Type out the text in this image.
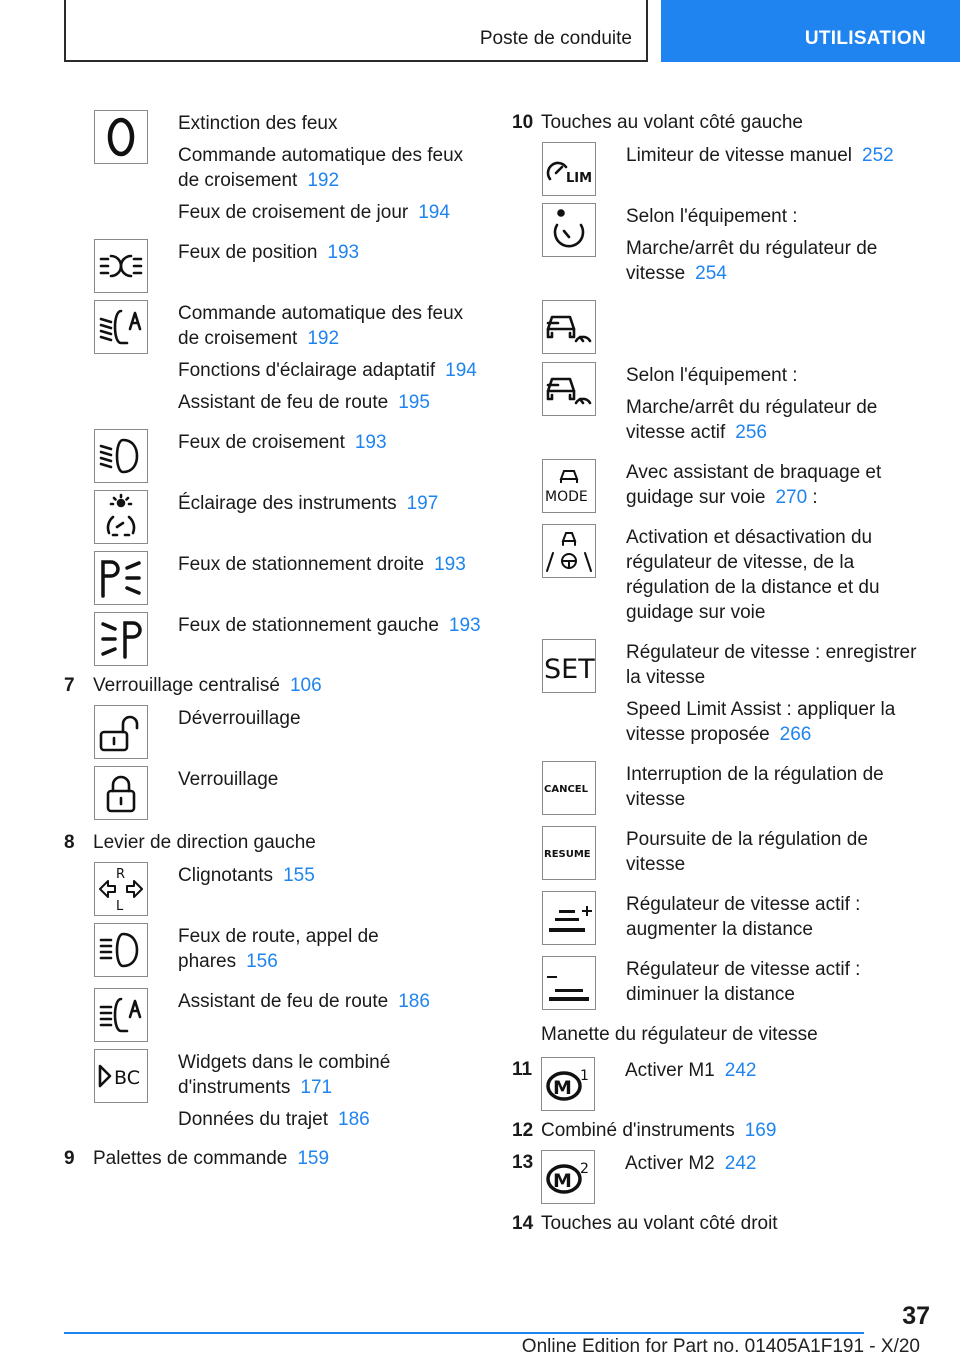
Poste de conduite	UTILISATION

Extinction des feux

Commande automatique des feux de croisement 192

Feux de croisement de jour 194

Feux de position 193

Commande automatique des feux de croisement 192

Fonctions d'éclairage adaptatif 194

Assistant de feu de route 195

Feux de croisement 193

Éclairage des instruments 197

Feux de stationnement droite 193

Feux de stationnement gauche 193

7 Verrouillage centralisé 106

Déverrouillage

Verrouillage

8 Levier de direction gauche
R
L

Clignotants 155

Feux de route, appel de phares 156

Assistant de feu de route 186

BC

Widgets dans le combiné d'instruments 171

Données du trajet 186

9 Palettes de commande 159
10 Touches au volant côté gauche
LIM

Limiteur de vitesse manuel 252

Selon l'équipement :

Marche/arrêt du régulateur de vitesse 254

Selon l'équipement :

Marche/arrêt du régulateur de vitesse actif 256

MODE

Avec assistant de braquage et guidage sur voie 270 :

Activation et désactivation du régulateur de vitesse, de la régulation de la distance et du guidage sur voie

SET

Régulateur de vitesse : enregistrer la vitesse

Speed Limit Assist : appliquer la vitesse proposée 266

CANCEL

Interruption de la régulation de vitesse

RESUME

Poursuite de la régulation de vitesse

Régulateur de vitesse actif : augmenter la distance

Régulateur de vitesse actif : diminuer la distance

Manette du régulateur de vitesse
11
M
1 Activer M1 242

12 Combiné d'instruments 169
13
M
2 Activer M2 242

14 Touches au volant côté droit
37
Online Edition for Part no. 01405A1F191 - X/20
